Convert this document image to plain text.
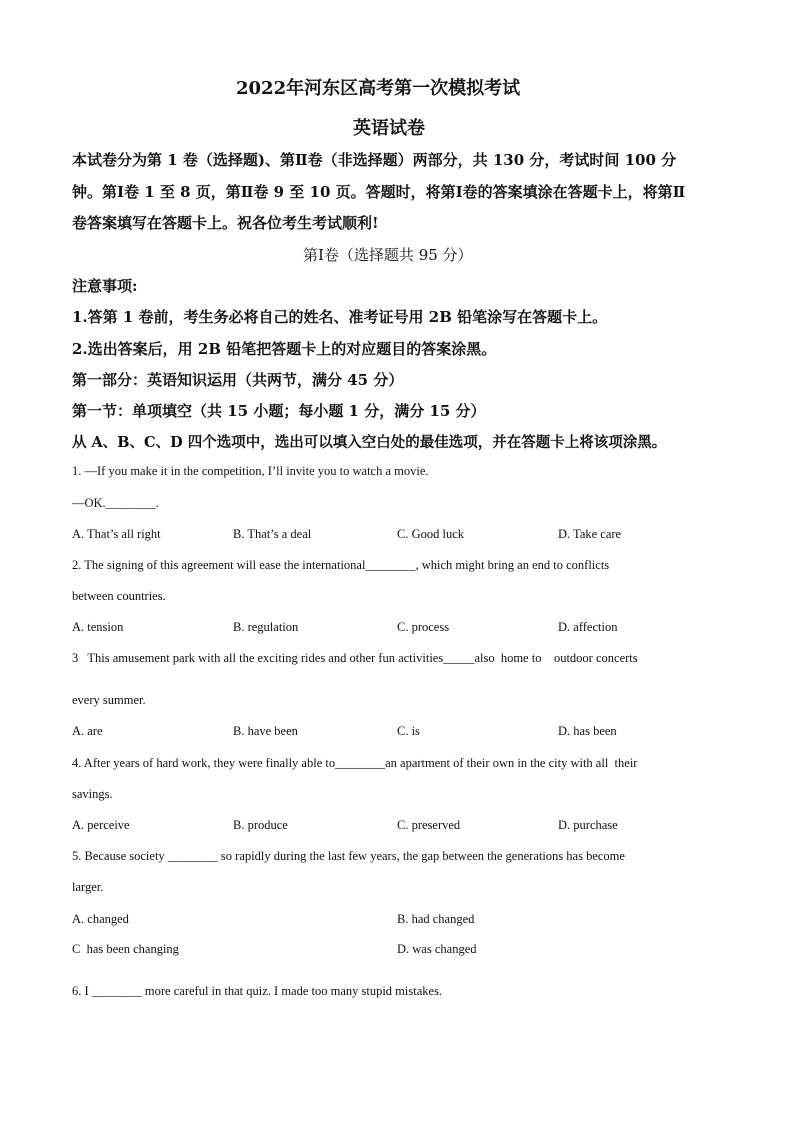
2022年河东区高考第一次模拟考试
英语试卷
本试卷分为第 1 卷（选择题)、第Ⅱ卷（非选择题）两部分，共 130 分，考试时间 100 分
钟。第Ⅰ卷 1 至 8 页，第Ⅱ卷 9 至 10 页。答题时，将第Ⅰ卷的答案填涂在答题卡上，将第Ⅱ
卷答案填写在答题卡上。祝各位考生考试顺利!
第Ⅰ卷（选择题共 95 分）
注意事项:
1.答第 1 卷前，考生务必将自己的姓名、准考证号用 2B 铅笔涂写在答题卡上。
2.选出答案后，用 2B 铅笔把答题卡上的对应题目的答案涂黑。
第一部分：英语知识运用（共两节，满分 45 分）
第一节：单项填空（共 15 小题；每小题 1 分，满分 15 分）
从 A、B、C、D 四个选项中，选出可以填入空白处的最佳选项，并在答题卡上将该项涂黑。
1. —If you make it in the competition, I’ll invite you to watch a movie.
—OK.________.
A. That’s all right	B. That’s a deal	C. Good luck	D. Take care
2. The signing of this agreement will ease the international________, which might bring an end to conflicts
between countries.
A. tension	B. regulation	C. process	D. affection
3   This amusement park with all the exciting rides and other fun activities_____also  home to    outdoor concerts
every summer.
A. are	B. have been	C. is	D. has been
4. After years of hard work, they were finally able to________an apartment of their own in the city with all  their
savings.
A. perceive	B. produce	C. preserved	D. purchase
5. Because society ________ so rapidly during the last few years, the gap between the generations has become
larger.
A. changed	B. had changed
C  has been changing	D. was changed
6. I ________ more careful in that quiz. I made too many stupid mistakes.
